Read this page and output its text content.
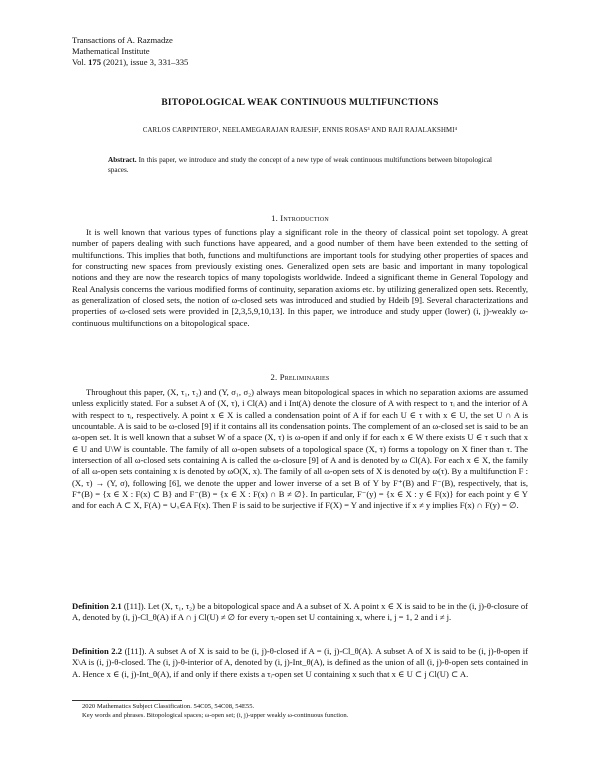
Transactions of A. Razmadze
Mathematical Institute
Vol. 175 (2021), issue 3, 331–335
BITOPOLOGICAL WEAK CONTINUOUS MULTIFUNCTIONS
CARLOS CARPINTERO¹, NEELAMEGARAJAN RAJESH², ENNIS ROSAS³ AND RAJI RAJALAKSHMI⁴
Abstract. In this paper, we introduce and study the concept of a new type of weak continuous multifunctions between bitopological spaces.
1. Introduction
It is well known that various types of functions play a significant role in the theory of classical point set topology. A great number of papers dealing with such functions have appeared, and a good number of them have been extended to the setting of multifunctions. This implies that both, functions and multifunctions are important tools for studying other properties of spaces and for constructing new spaces from previously existing ones. Generalized open sets are basic and important in many topological notions and they are now the research topics of many topologists worldwide. Indeed a significant theme in General Topology and Real Analysis concerns the various modified forms of continuity, separation axioms etc. by utilizing generalized open sets. Recently, as generalization of closed sets, the notion of ω-closed sets was introduced and studied by Hdeib [9]. Several characterizations and properties of ω-closed sets were provided in [2,3,5,9,10,13]. In this paper, we introduce and study upper (lower) (i, j)-weakly ω-continuous multifunctions on a bitopological space.
2. Preliminaries
Throughout this paper, (X, τ₁, τ₂) and (Y, σ₁, σ₂) always mean bitopological spaces in which no separation axioms are assumed unless explicitly stated. For a subset A of (X, τ), i Cl(A) and i Int(A) denote the closure of A with respect to τᵢ and the interior of A with respect to τᵢ, respectively. A point x ∈ X is called a condensation point of A if for each U ∈ τ with x ∈ U, the set U ∩ A is uncountable. A is said to be ω-closed [9] if it contains all its condensation points. The complement of an ω-closed set is said to be an ω-open set. It is well known that a subset W of a space (X, τ) is ω-open if and only if for each x ∈ W there exists U ∈ τ such that x ∈ U and U\W is countable. The family of all ω-open subsets of a topological space (X, τ) forms a topology on X finer than τ. The intersection of all ω-closed sets containing A is called the ω-closure [9] of A and is denoted by ω Cl(A). For each x ∈ X, the family of all ω-open sets containing x is denoted by ωO(X, x). The family of all ω-open sets of X is denoted by ω(τ). By a multifunction F : (X, τ) → (Y, σ), following [6], we denote the upper and lower inverse of a set B of Y by F⁺(B) and F⁻(B), respectively, that is, F⁺(B) = {x ∈ X : F(x) ⊂ B} and F⁻(B) = {x ∈ X : F(x) ∩ B ≠ ∅}. In particular, F⁻(y) = {x ∈ X : y ∈ F(x)} for each point y ∈ Y and for each A ⊂ X, F(A) = ∪ₓ∈A F(x). Then F is said to be surjective if F(X) = Y and injective if x ≠ y implies F(x) ∩ F(y) = ∅.
Definition 2.1 ([11]). Let (X, τ₁, τ₂) be a bitopological space and A a subset of X. A point x ∈ X is said to be in the (i, j)-θ-closure of A, denoted by (i, j)-Cl_θ(A) if A ∩ j Cl(U) ≠ ∅ for every τᵢ-open set U containing x, where i, j = 1, 2 and i ≠ j.
Definition 2.2 ([11]). A subset A of X is said to be (i, j)-θ-closed if A = (i, j)-Cl_θ(A). A subset A of X is said to be (i, j)-θ-open if X\A is (i, j)-θ-closed. The (i, j)-θ-interior of A, denoted by (i, j)-Int_θ(A), is defined as the union of all (i, j)-θ-open sets contained in A. Hence x ∈ (i, j)-Int_θ(A), if and only if there exists a τᵢ-open set U containing x such that x ∈ U ⊂ j Cl(U) ⊂ A.
2020 Mathematics Subject Classification. 54C05, 54C08, 54E55.
Key words and phrases. Bitopological spaces; ω-open set; (i, j)-upper weakly ω-continuous function.
